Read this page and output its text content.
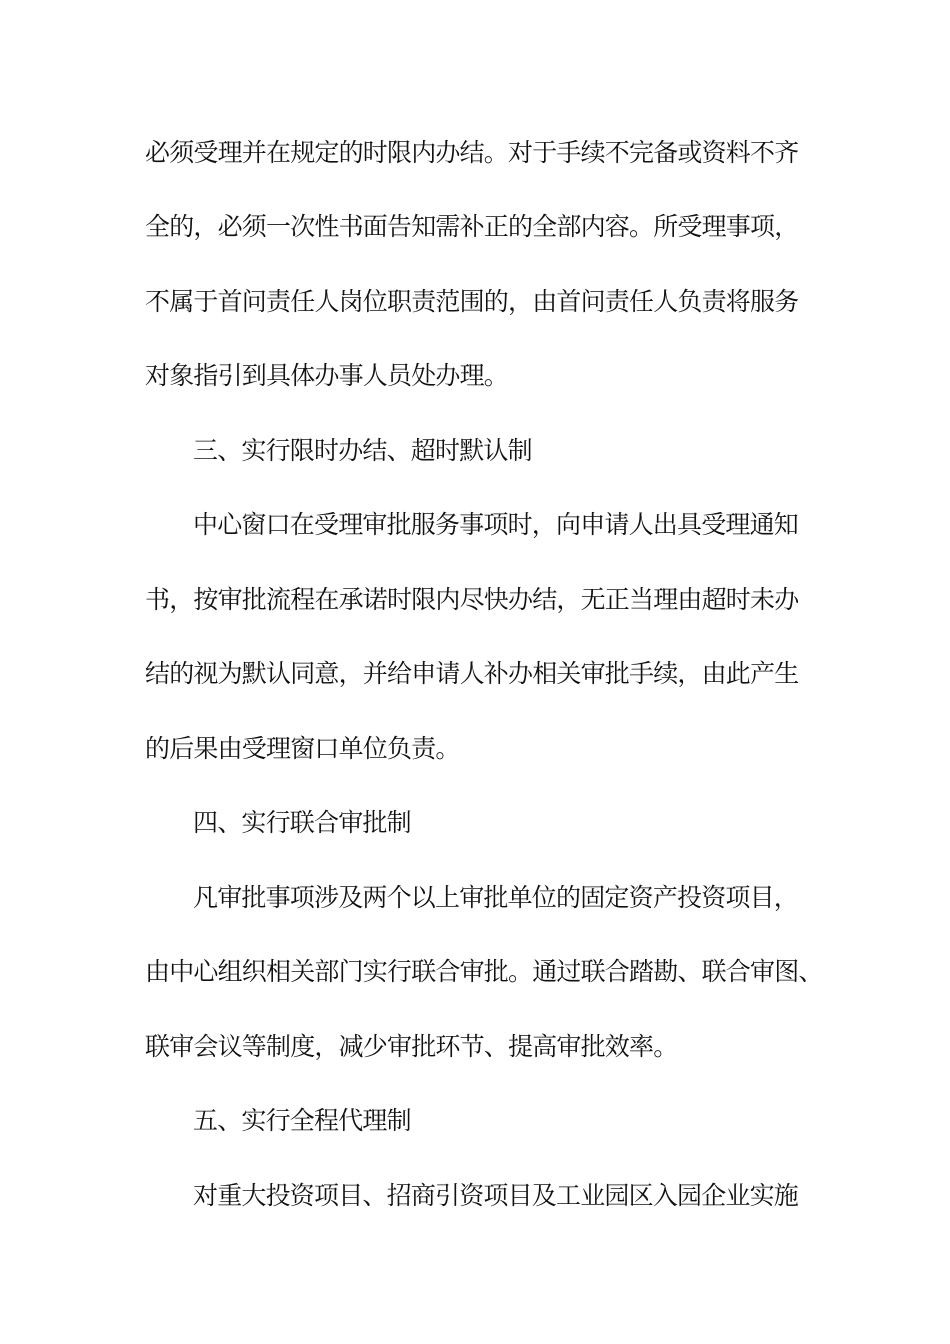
必须受理并在规定的时限内办结。对于手续不完备或资料不齐
全的，必须一次性书面告知需补正的全部内容。所受理事项，
不属于首问责任人岗位职责范围的，由首问责任人负责将服务
对象指引到具体办事人员处办理。
三、实行限时办结、超时默认制
中心窗口在受理审批服务事项时，向申请人出具受理通知
书，按审批流程在承诺时限内尽快办结，无正当理由超时未办
结的视为默认同意，并给申请人补办相关审批手续，由此产生
的后果由受理窗口单位负责。
四、实行联合审批制
凡审批事项涉及两个以上审批单位的固定资产投资项目，
由中心组织相关部门实行联合审批。通过联合踏勘、联合审图、
联审会议等制度，减少审批环节、提高审批效率。
五、实行全程代理制
对重大投资项目、招商引资项目及工业园区入园企业实施
